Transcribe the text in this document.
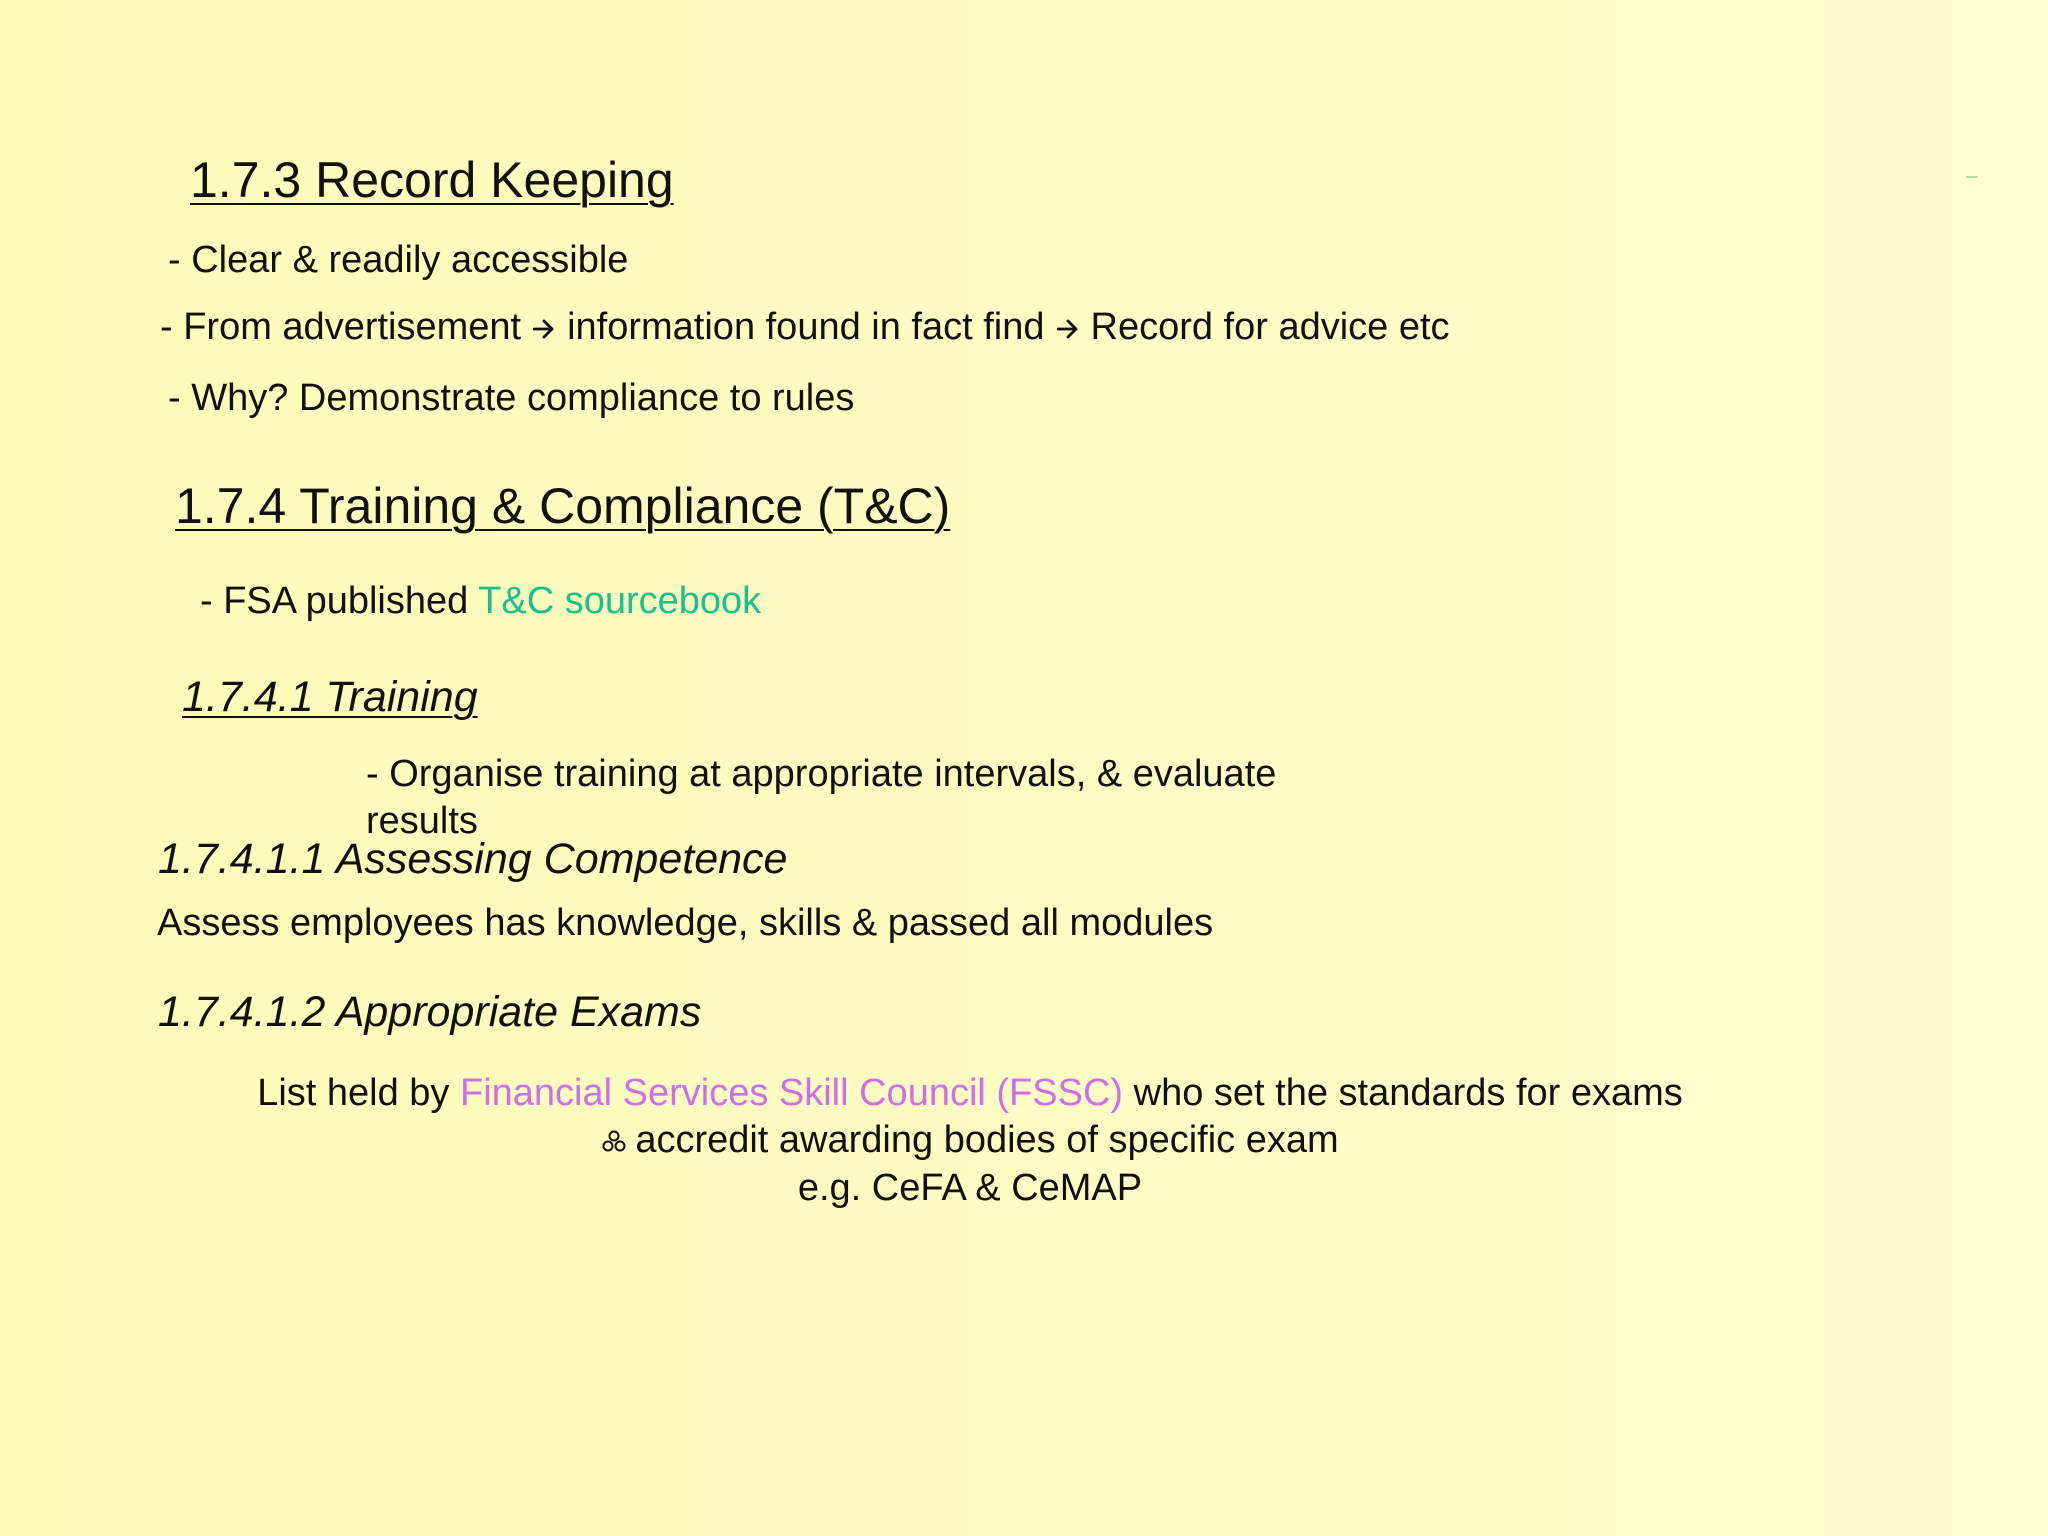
1.7.3 Record Keeping
- Clear & readily accessible
- From advertisement information found in fact find Record for advice etc
- Why? Demonstrate compliance to rules
1.7.4 Training & Compliance (T&C)
- FSA published T&C sourcebook
1.7.4.1 Training
- Organise training at appropriate intervals, & evaluate
results
1.7.4.1.1 Assessing Competence
Assess employees has knowledge, skills & passed all modules
1.7.4.1.2 Appropriate Exams
List held by Financial Services Skill Council (FSSC) who set the standards for exams
accredit awarding bodies of specific exam
e.g. CeFA & CeMAP
